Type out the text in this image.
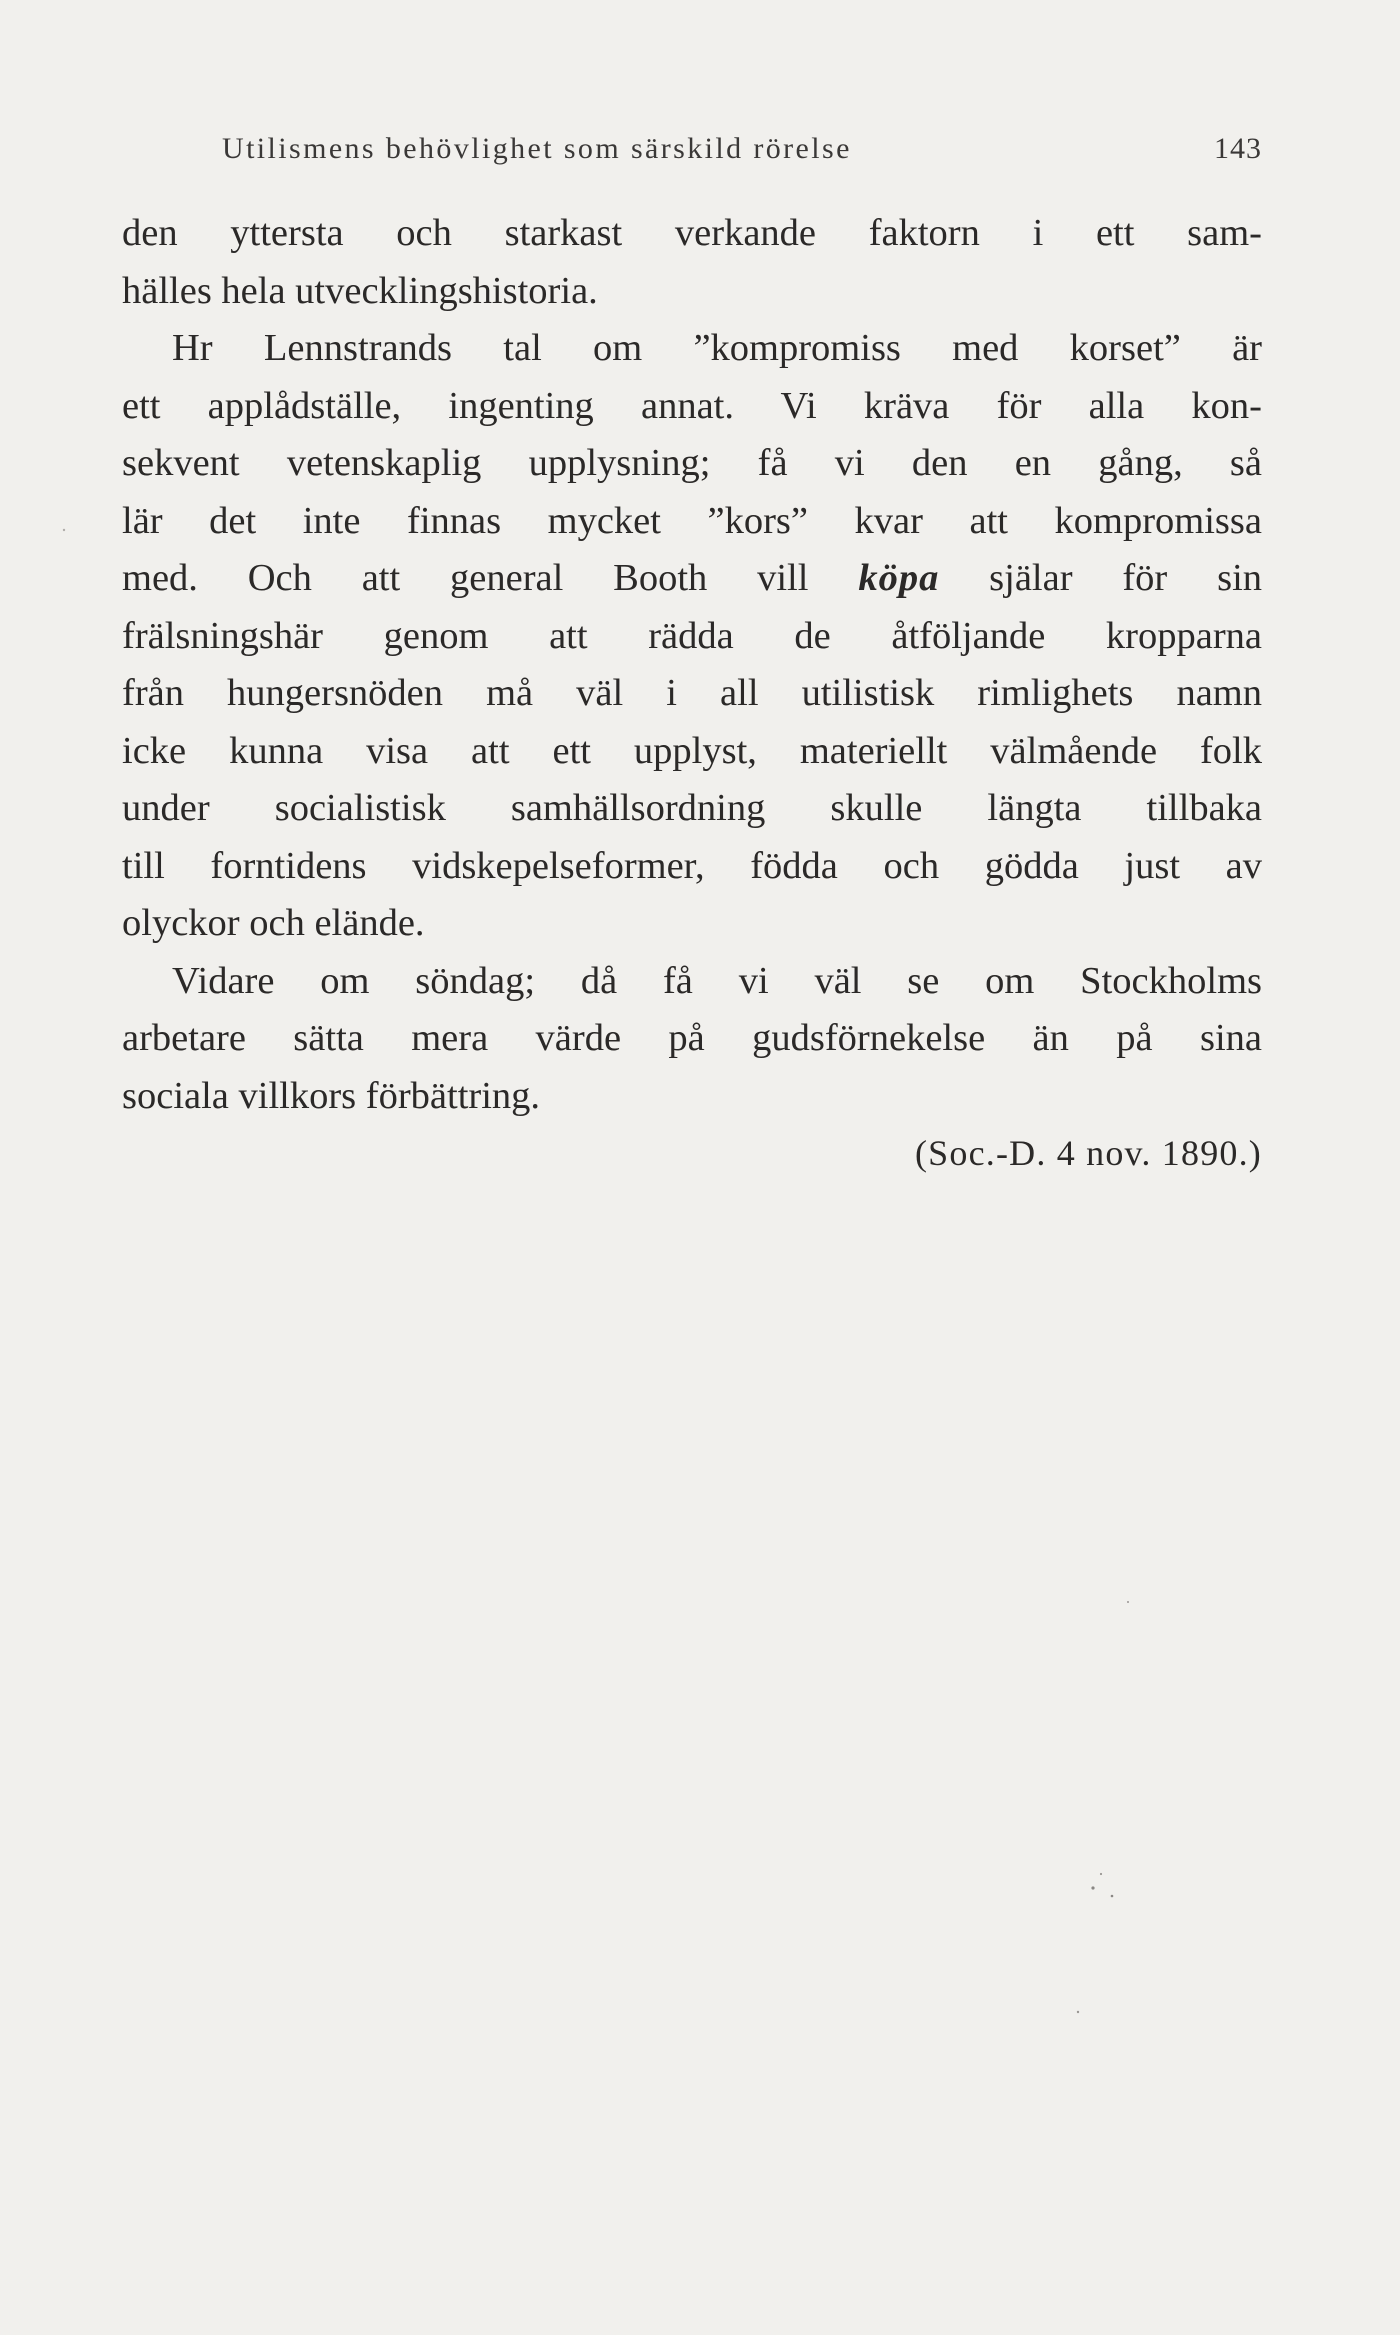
Utilismens behövlighet som särskild rörelse	143
den yttersta och starkast verkande faktorn i ett sam-
hälles hela utvecklingshistoria.
Hr Lennstrands tal om ”kompromiss med korset” är
ett applådställe, ingenting annat. Vi kräva för alla kon-
sekvent vetenskaplig upplysning; få vi den en gång, så
lär det inte finnas mycket ”kors” kvar att kompromissa
med. Och att general Booth vill köpa själar för sin
frälsningshär genom att rädda de åtföljande kropparna
från hungersnöden må väl i all utilistisk rimlighets namn
icke kunna visa att ett upplyst, materiellt välmående folk
under socialistisk samhällsordning skulle längta tillbaka
till forntidens vidskepelseformer, födda och gödda just av
olyckor och elände.
Vidare om söndag; då få vi väl se om Stockholms
arbetare sätta mera värde på gudsförnekelse än på sina
sociala villkors förbättring.
(Soc.-D. 4 nov. 1890.)
